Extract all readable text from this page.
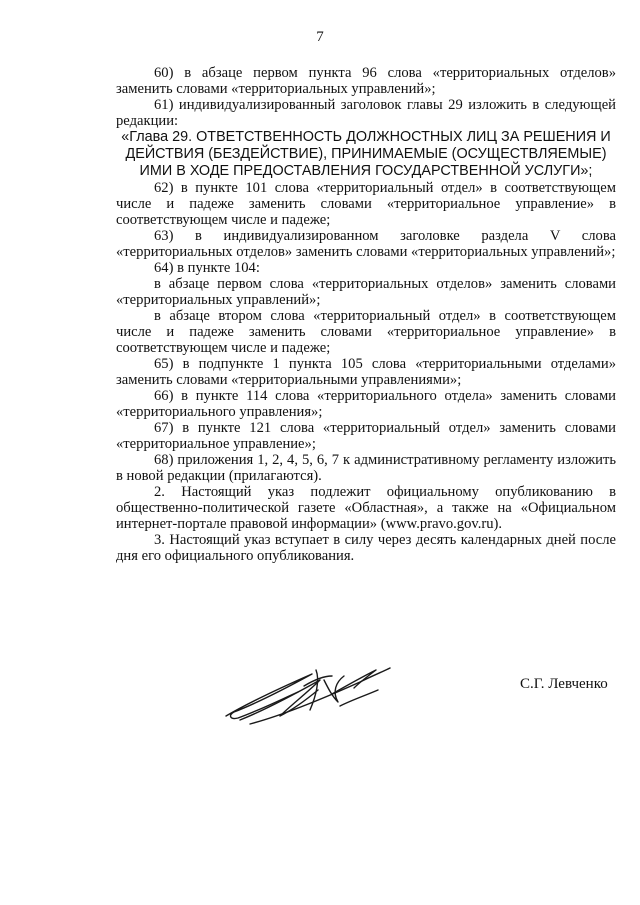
7

60) в абзаце первом пункта 96 слова «территориальных отделов» заменить словами «территориальных управлений»;

61) индивидуализированный заголовок главы 29 изложить в следующей редакции:

«Глава 29. ОТВЕТСТВЕННОСТЬ ДОЛЖНОСТНЫХ ЛИЦ ЗА РЕШЕНИЯ И ДЕЙСТВИЯ (БЕЗДЕЙСТВИЕ), ПРИНИМАЕМЫЕ (ОСУЩЕСТВЛЯЕМЫЕ) ИМИ В ХОДЕ ПРЕДОСТАВЛЕНИЯ ГОСУДАРСТВЕННОЙ УСЛУГИ»;

62) в пункте 101 слова «территориальный отдел» в соответствующем числе и падеже заменить словами «территориальное управление» в соответствующем числе и падеже;

63) в индивидуализированном заголовке раздела V слова «территориальных отделов» заменить словами «территориальных управлений»;

64) в пункте 104:

в абзаце первом слова «территориальных отделов» заменить словами «территориальных управлений»;

в абзаце втором слова «территориальный отдел» в соответствующем числе и падеже заменить словами «территориальное управление» в соответствующем числе и падеже;

65) в подпункте 1 пункта 105 слова «территориальными отделами» заменить словами «территориальными управлениями»;

66) в пункте 114 слова «территориального отдела» заменить словами «территориального управления»;

67) в пункте 121 слова «территориальный отдел» заменить словами «территориальное управление»;

68) приложения 1, 2, 4, 5, 6, 7 к административному регламенту изложить в новой редакции (прилагаются).

2. Настоящий указ подлежит официальному опубликованию в общественно-политической газете «Областная», а также на «Официальном интернет-портале правовой информации» (www.pravo.gov.ru).

3. Настоящий указ вступает в силу через десять календарных дней после дня его официального опубликования.

С.Г. Левченко
